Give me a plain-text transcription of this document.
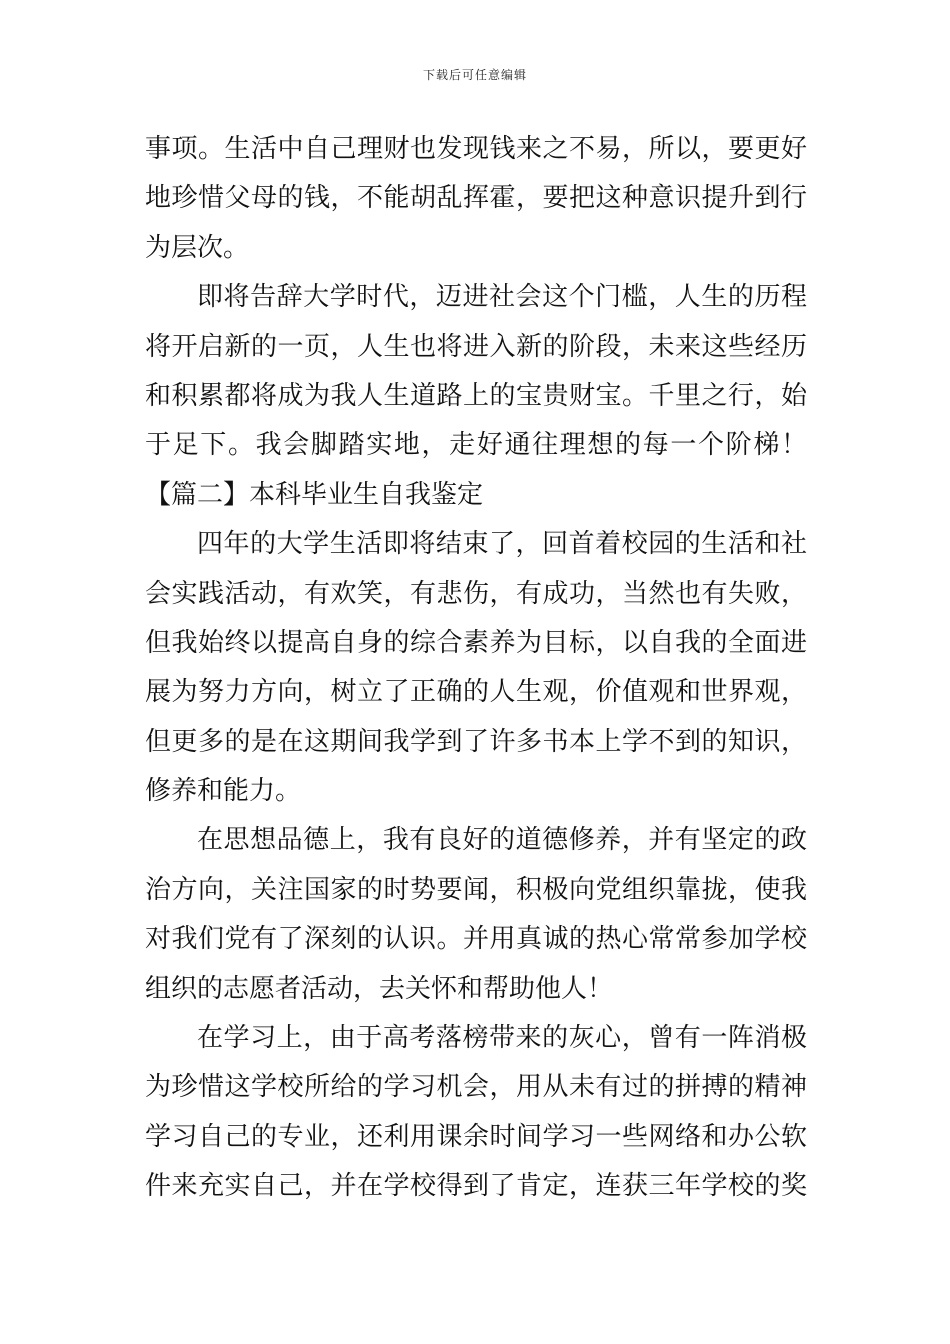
下载后可任意编辑
事项。生活中自己理财也发现钱来之不易，所以，要更好
地珍惜父母的钱，不能胡乱挥霍，要把这种意识提升到行
为层次。
即将告辞大学时代，迈进社会这个门槛，人生的历程
将开启新的一页，人生也将进入新的阶段，未来这些经历
和积累都将成为我人生道路上的宝贵财宝。千里之行，始
于足下。我会脚踏实地，走好通往理想的每一个阶梯！
【篇二】本科毕业生自我鉴定
四年的大学生活即将结束了，回首着校园的生活和社
会实践活动，有欢笑，有悲伤，有成功，当然也有失败，
但我始终以提高自身的综合素养为目标，以自我的全面进
展为努力方向，树立了正确的人生观，价值观和世界观，
但更多的是在这期间我学到了许多书本上学不到的知识，
修养和能力。
在思想品德上，我有良好的道德修养，并有坚定的政
治方向，关注国家的时势要闻，积极向党组织靠拢，使我
对我们党有了深刻的认识。并用真诚的热心常常参加学校
组织的志愿者活动，去关怀和帮助他人！
在学习上，由于高考落榜带来的灰心，曾有一阵消极
为珍惜这学校所给的学习机会，用从未有过的拼搏的精神
学习自己的专业，还利用课余时间学习一些网络和办公软
件来充实自己，并在学校得到了肯定，连获三年学校的奖
